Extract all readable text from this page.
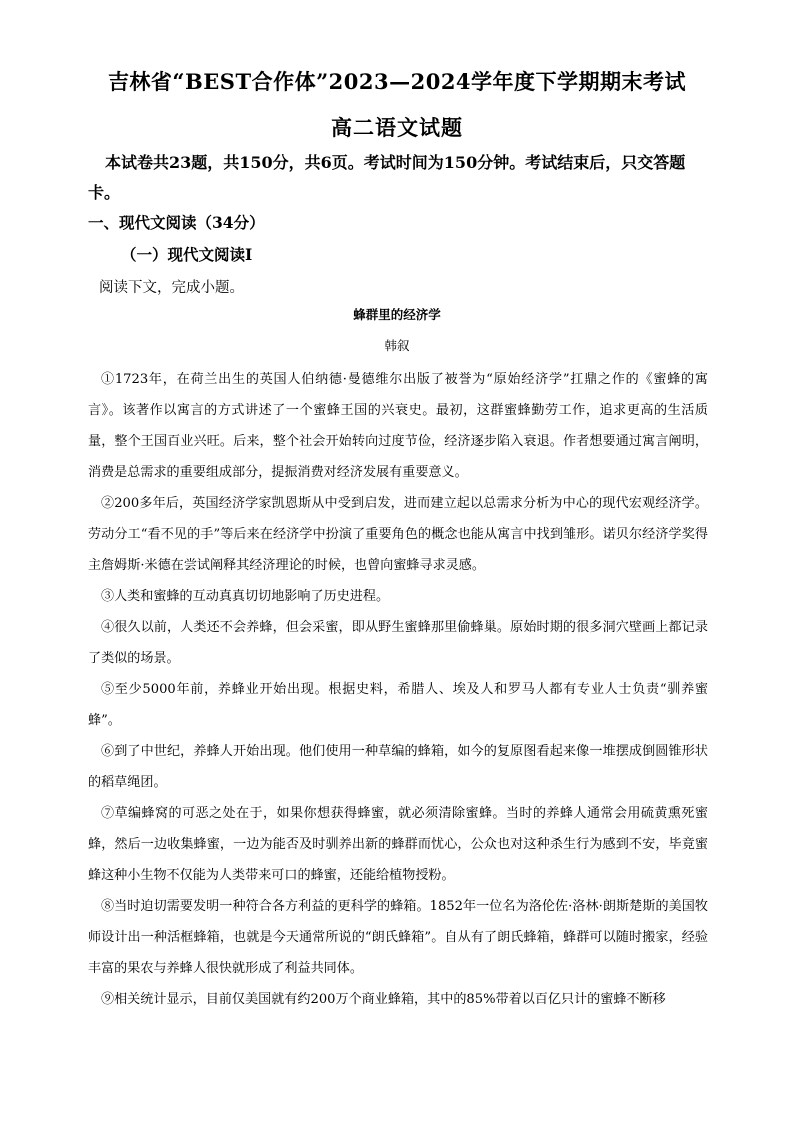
吉林省“BEST合作体”2023—2024学年度下学期期末考试
高二语文试题

本试卷共23题，共150分，共6页。考试时间为150分钟。考试结束后，只交答题卡。

一、现代文阅读（34分）
（一）现代文阅读Ⅰ
阅读下文，完成小题。
蜂群里的经济学
韩叙

①1723年，在荷兰出生的英国人伯纳德·曼德维尔出版了被誉为“原始经济学”扛鼎之作的《蜜蜂的寓言》。该著作以寓言的方式讲述了一个蜜蜂王国的兴衰史。最初，这群蜜蜂勤劳工作，追求更高的生活质量，整个王国百业兴旺。后来，整个社会开始转向过度节俭，经济逐步陷入衰退。作者想要通过寓言阐明，消费是总需求的重要组成部分，提振消费对经济发展有重要意义。

②200多年后，英国经济学家凯恩斯从中受到启发，进而建立起以总需求分析为中心的现代宏观经济学。劳动分工“看不见的手”等后来在经济学中扮演了重要角色的概念也能从寓言中找到雏形。诺贝尔经济学奖得主詹姆斯·米德在尝试阐释其经济理论的时候，也曾向蜜蜂寻求灵感。

③人类和蜜蜂的互动真真切切地影响了历史进程。

④很久以前，人类还不会养蜂，但会采蜜，即从野生蜜蜂那里偷蜂巢。原始时期的很多洞穴壁画上都记录了类似的场景。

⑤至少5000年前，养蜂业开始出现。根据史料，希腊人、埃及人和罗马人都有专业人士负责“驯养蜜蜂”。

⑥到了中世纪，养蜂人开始出现。他们使用一种草编的蜂箱，如今的复原图看起来像一堆摆成倒圆锥形状的稻草绳团。

⑦草编蜂窝的可恶之处在于，如果你想获得蜂蜜，就必须清除蜜蜂。当时的养蜂人通常会用硫黄熏死蜜蜂，然后一边收集蜂蜜，一边为能否及时驯养出新的蜂群而忧心，公众也对这种杀生行为感到不安，毕竟蜜蜂这种小生物不仅能为人类带来可口的蜂蜜，还能给植物授粉。

⑧当时迫切需要发明一种符合各方利益的更科学的蜂箱。1852年一位名为洛伦佐·洛林·朗斯楚斯的美国牧师设计出一种活框蜂箱，也就是今天通常所说的“朗氏蜂箱”。自从有了朗氏蜂箱，蜂群可以随时搬家，经验丰富的果农与养蜂人很快就形成了利益共同体。

⑨相关统计显示，目前仅美国就有约200万个商业蜂箱，其中的85%带着以百亿只计的蜜蜂不断移
